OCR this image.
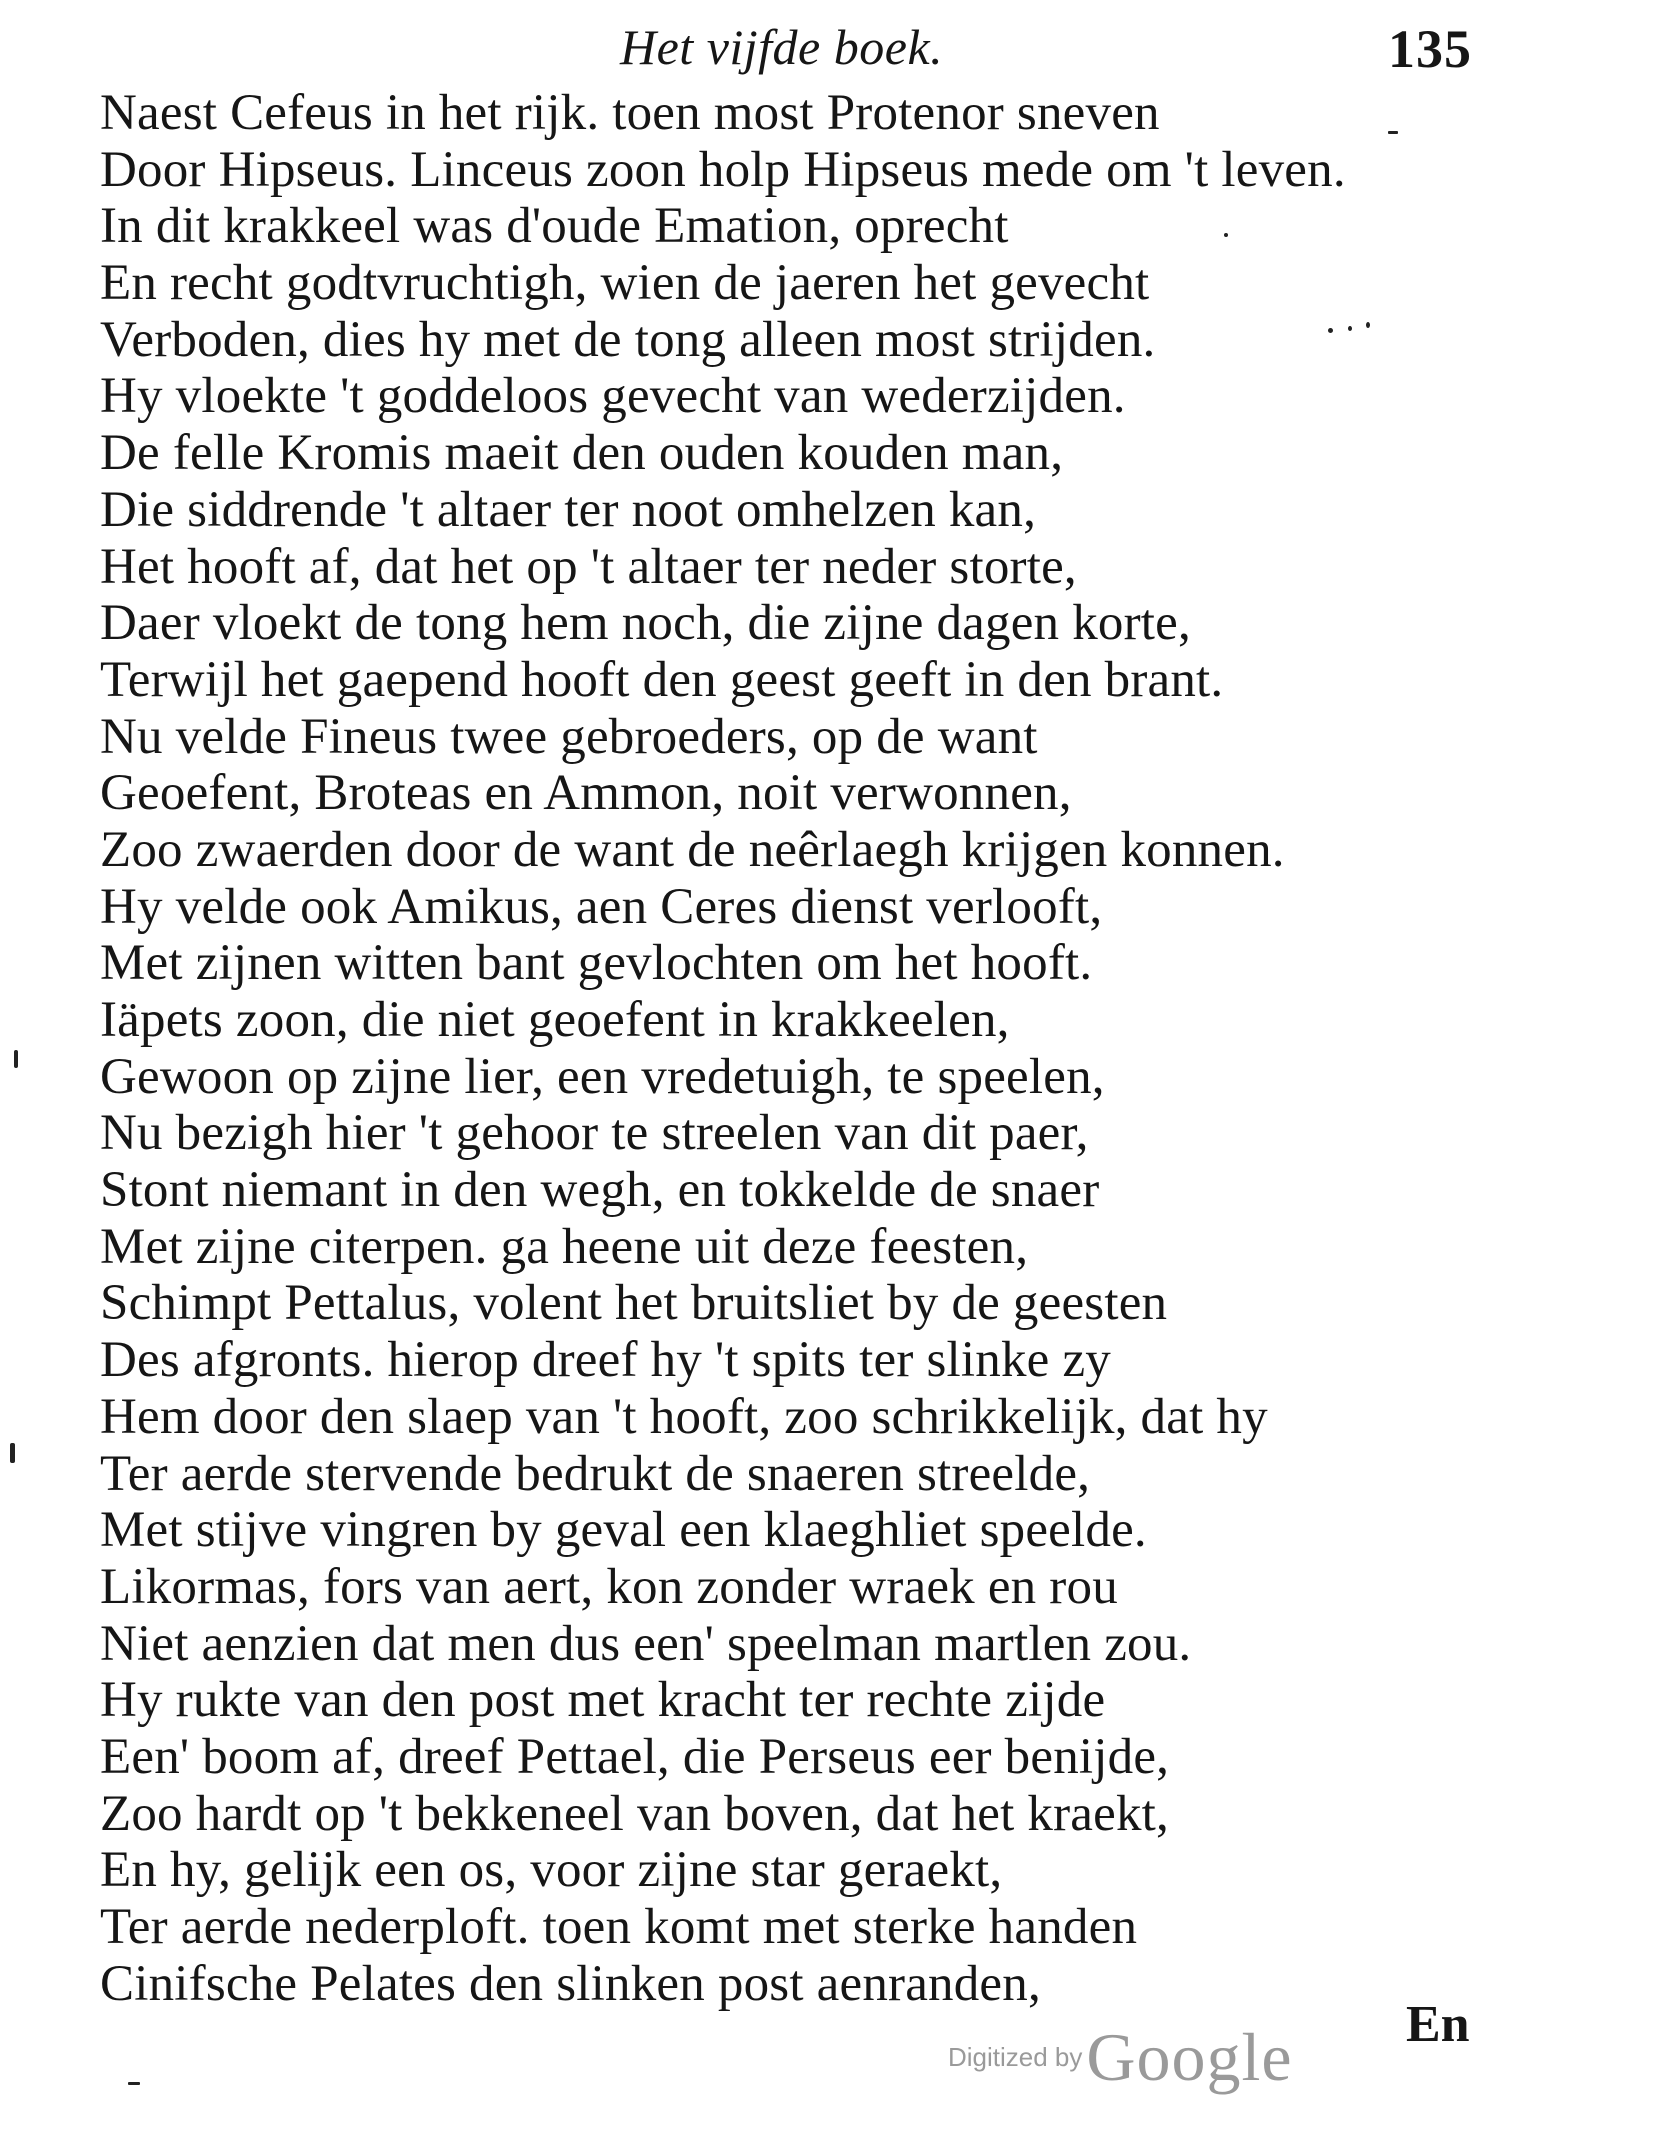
Het vijfde boek.	135
Naest Cefeus in het rijk. toen most Protenor sneven
Door Hipseus. Linceus zoon holp Hipseus mede om 't leven.
In dit krakkeel was d'oude Emation, oprecht
En recht godtvruchtigh, wien de jaeren het gevecht
Verboden, dies hy met de tong alleen most strijden.
Hy vloekte 't goddeloos gevecht van wederzijden.
De felle Kromis maeit den ouden kouden man,
Die siddrende 't altaer ter noot omhelzen kan,
Het hooft af, dat het op 't altaer ter neder storte,
Daer vloekt de tong hem noch, die zijne dagen korte,
Terwijl het gaepend hooft den geest geeft in den brant.
Nu velde Fineus twee gebroeders, op de want
Geoefent, Broteas en Ammon, noit verwonnen,
Zoo zwaerden door de want de neêrlaegh krijgen konnen.
Hy velde ook Amikus, aen Ceres dienst verlooft,
Met zijnen witten bant gevlochten om het hooft.
Iäpets zoon, die niet geoefent in krakkeelen,
Gewoon op zijne lier, een vredetuigh, te speelen,
Nu bezigh hier 't gehoor te streelen van dit paer,
Stont niemant in den wegh, en tokkelde de snaer
Met zijne citerpen. ga heene uit deze feesten,
Schimpt Pettalus, volent het bruitsliet by de geesten
Des afgronts. hierop dreef hy 't spits ter slinke zy
Hem door den slaep van 't hooft, zoo schrikkelijk, dat hy
Ter aerde stervende bedrukt de snaeren streelde,
Met stijve vingren by geval een klaeghliet speelde.
Likormas, fors van aert, kon zonder wraek en rou
Niet aenzien dat men dus een' speelman martlen zou.
Hy rukte van den post met kracht ter rechte zijde
Een' boom af, dreef Pettael, die Perseus eer benijde,
Zoo hardt op 't bekkeneel van boven, dat het kraekt,
En hy, gelijk een os, voor zijne star geraekt,
Ter aerde nederploft. toen komt met sterke handen
Cinifsche Pelates den slinken post aenranden,
Digitized by Google En
